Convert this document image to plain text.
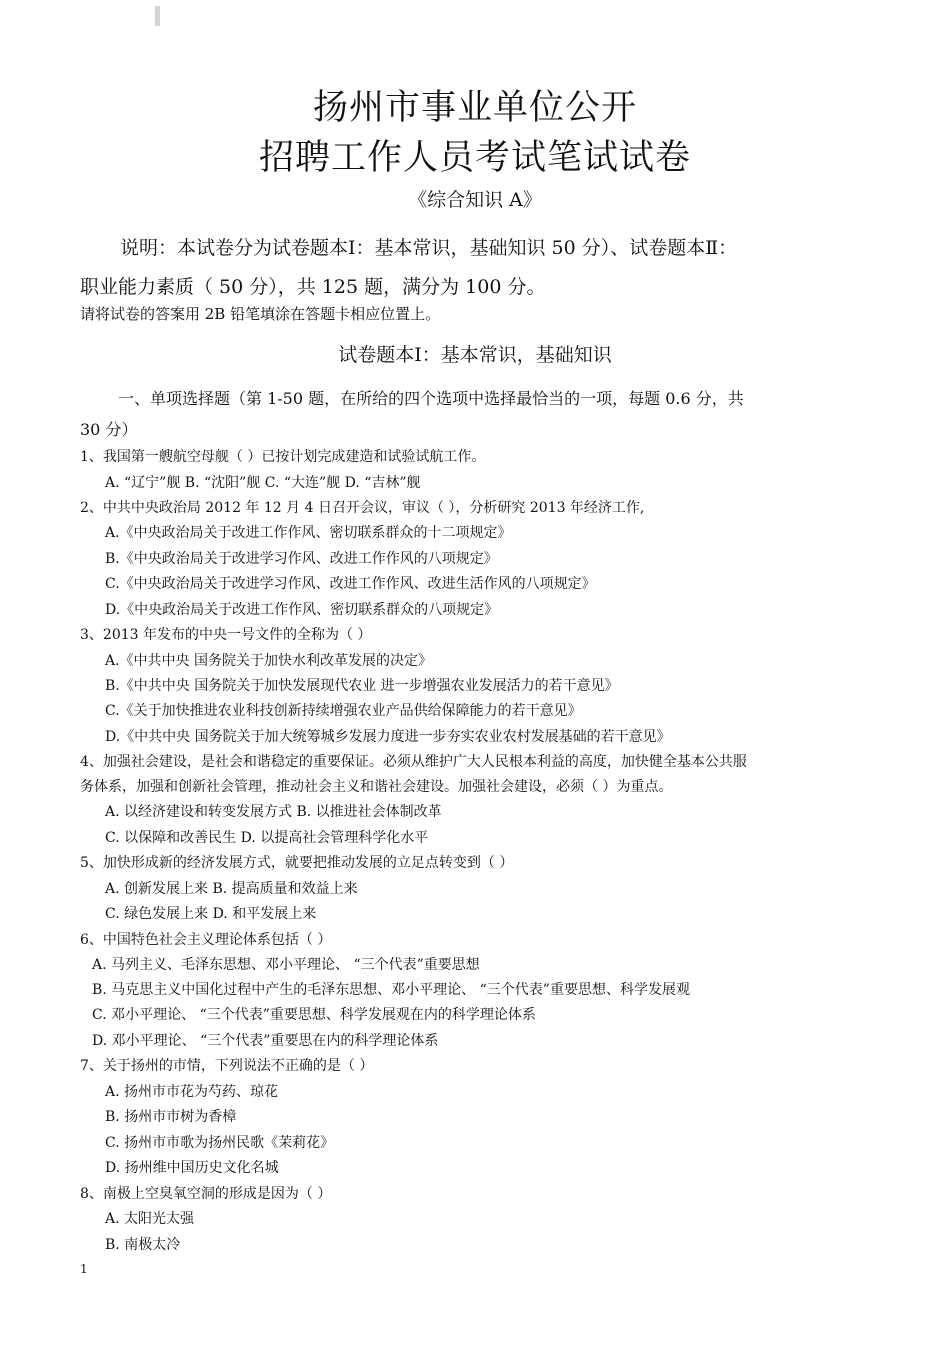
扬州市事业单位公开
招聘工作人员考试笔试试卷
《综合知识 A》
说明：本试卷分为试卷题本Ⅰ：基本常识，基础知识 50 分）、试卷题本Ⅱ：
职业能力素质（ 50 分），共 125 题，满分为 100 分。
请将试卷的答案用 2B 铅笔填涂在答题卡相应位置上。
试卷题本Ⅰ：基本常识，基础知识
一、单项选择题（第 1-50 题，在所给的四个选项中选择最恰当的一项，每题 0.6 分，共
30 分）
1、我国第一艘航空母舰（ ）已按计划完成建造和试验试航工作。
A. “辽宁”舰 B. “沈阳”舰 C. “大连”舰 D. “吉林”舰
2、中共中央政治局 2012 年 12 月 4 日召开会议，审议（ ），分析研究 2013 年经济工作,
A.《中央政治局关于改进工作作风、密切联系群众的十二项规定》
B.《中央政治局关于改进学习作风、改进工作作风的八项规定》
C.《中央政治局关于改进学习作风、改进工作作风、改进生活作风的八项规定》
D.《中央政治局关于改进工作作风、密切联系群众的八项规定》
3、2013 年发布的中央一号文件的全称为（ ）
A.《中共中央 国务院关于加快水利改革发展的决定》
B.《中共中央 国务院关于加快发展现代农业 进一步增强农业发展活力的若干意见》
C.《关于加快推进农业科技创新持续增强农业产品供给保障能力的若干意见》
D.《中共中央 国务院关于加大统筹城乡发展力度进一步夯实农业农村发展基础的若干意见》
4、加强社会建设，是社会和谐稳定的重要保证。必须从维护广大人民根本利益的高度，加快健全基本公共服
务体系，加强和创新社会管理，推动社会主义和谐社会建设。加强社会建设，必须（ ）为重点。
A. 以经济建设和转变发展方式 B. 以推进社会体制改革
C. 以保障和改善民生 D. 以提高社会管理科学化水平
5、加快形成新的经济发展方式，就要把推动发展的立足点转变到（ ）
A. 创新发展上来 B. 提高质量和效益上来
C. 绿色发展上来 D. 和平发展上来
6、中国特色社会主义理论体系包括（ ）
A. 马列主义、毛泽东思想、邓小平理论、 “三个代表”重要思想
B. 马克思主义中国化过程中产生的毛泽东思想、邓小平理论、 “三个代表”重要思想、科学发展观
C. 邓小平理论、 “三个代表”重要思想、科学发展观在内的科学理论体系
D. 邓小平理论、 “三个代表”重要思在内的科学理论体系
7、关于扬州的市情，下列说法不正确的是（ ）
A. 扬州市市花为芍药、琼花
B. 扬州市市树为香樟
C. 扬州市市歌为扬州民歌《茉莉花》
D. 扬州维中国历史文化名城
8、南极上空臭氧空洞的形成是因为（ ）
A. 太阳光太强
B. 南极太冷
1
